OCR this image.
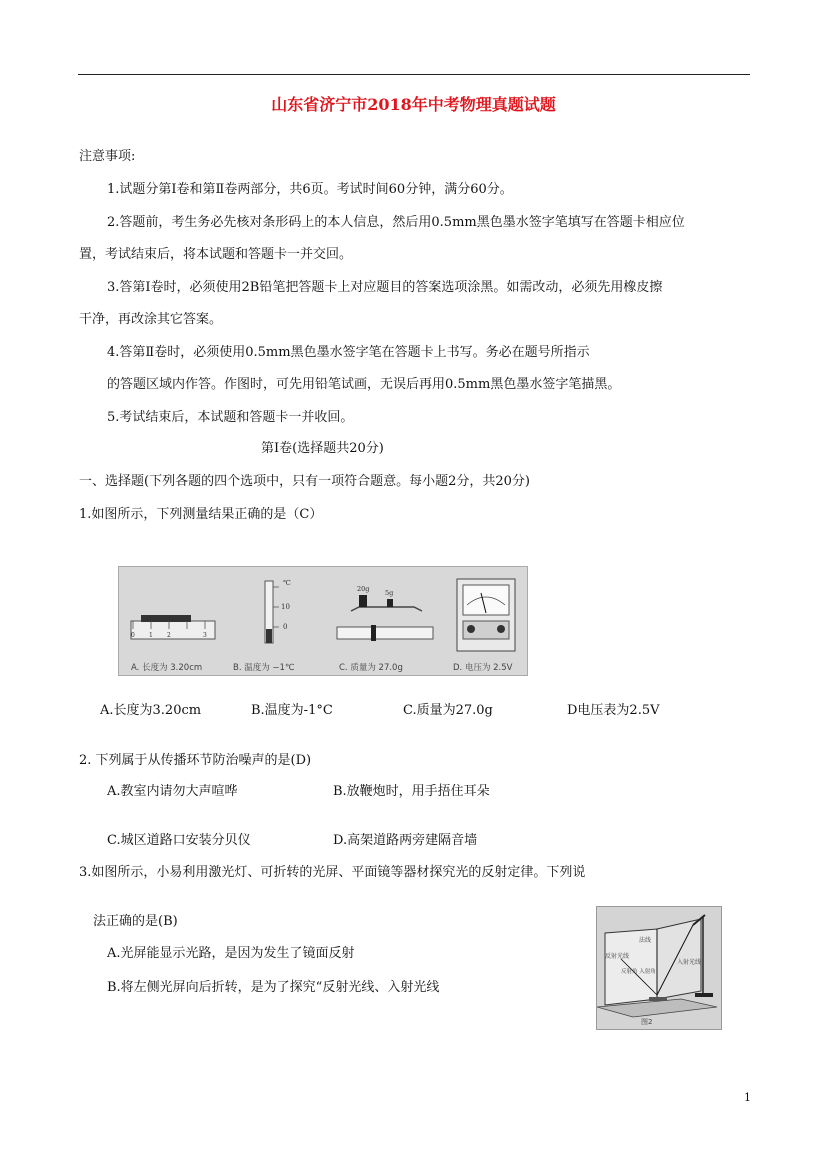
山东省济宁市2018年中考物理真题试题
注意事项:
1.试题分第Ⅰ卷和第Ⅱ卷两部分，共6页。考试时间60分钟，满分60分。
2.答题前，考生务必先核对条形码上的本人信息，然后用0.5mm黑色墨水签字笔填写在答题卡相应位
置，考试结束后，将本试题和答题卡一并交回。
3.答第Ⅰ卷时，必须使用2B铅笔把答题卡上对应题目的答案选项涂黑。如需改动，必须先用橡皮擦
干净，再改涂其它答案。
4.答第Ⅱ卷时，必须使用0.5mm黑色墨水签字笔在答题卡上书写。务必在题号所指示
的答题区域内作答。作图时，可先用铅笔试画，无误后再用0.5mm黑色墨水签字笔描黑。
5.考试结束后，本试题和答题卡一并收回。
第Ⅰ卷(选择题共20分)
一、选择题(下列各题的四个选项中，只有一项符合题意。每小题2分，共20分)
1.如图所示，下列测量结果正确的是（C）
0 1 2	3
℃
10
0
20g 5g
A. 长度为 3.20cm	B. 温度为 −1℃	C. 质量为 27.0g	D. 电压为 2.5V
A.长度为3.20cm	B.温度为-1°C	C.质量为27.0g	D电压表为2.5V
2. 下列属于从传播环节防治噪声的是(D)
A.教室内请勿大声喧哗	B.放鞭炮时，用手捂住耳朵
C.城区道路口安装分贝仪	D.高架道路两旁建隔音墙
3.如图所示，小易利用激光灯、可折转的光屏、平面镜等器材探究光的反射定律。下列说
法正确的是(B)
A.光屏能显示光路，是因为发生了镜面反射
B.将左侧光屏向后折转，是为了探究“反射光线、入射光线
反射光线
法线
入射光线
反射角 入射角
图2
1
